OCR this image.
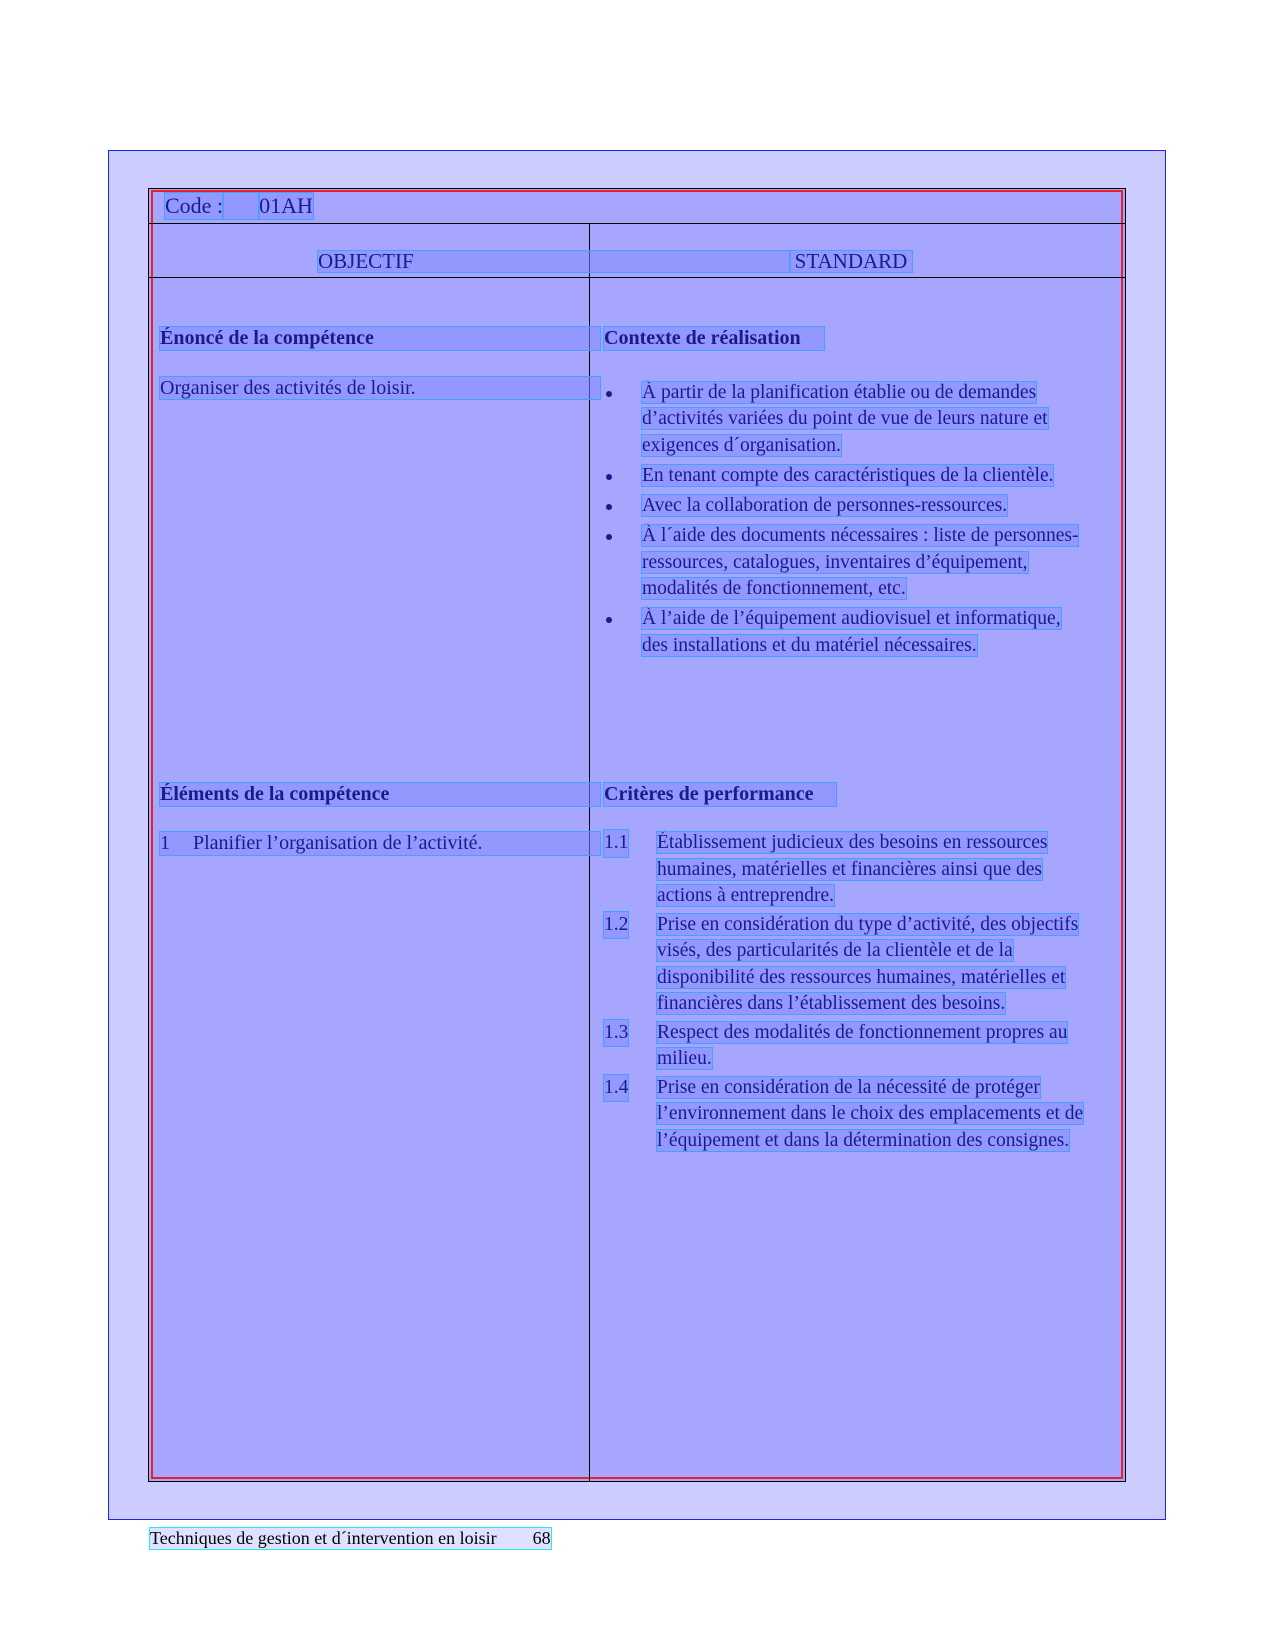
Code : 01AH
OBJECTIF	STANDARD
Énoncé de la compétence
Organiser des activités de loisir.
Éléments de la compétence
1 Planifier l’organisation de l’activité.
Contexte de réalisation
À partir de la planification établie ou de demandes d’activités variées du point de vue de leurs nature et exigences d´organisation.
En tenant compte des caractéristiques de la clientèle.
Avec la collaboration de personnes-ressources.
À l´aide des documents nécessaires : liste de personnes-ressources, catalogues, inventaires d’équipement, modalités de fonctionnement, etc.
À l’aide de l’équipement audiovisuel et informatique, des installations et du matériel nécessaires.
Critères de performance
1.1 Établissement judicieux des besoins en ressources humaines, matérielles et financières ainsi que des actions à entreprendre.
1.2 Prise en considération du type d’activité, des objectifs visés, des particularités de la clientèle et de la disponibilité des ressources humaines, matérielles et financières dans l’établissement des besoins.
1.3 Respect des modalités de fonctionnement propres au milieu.
1.4 Prise en considération de la nécessité de protéger l’environnement dans le choix des emplacements et de l’équipement et dans la détermination des consignes.
Techniques de gestion et d´intervention en loisir 68
